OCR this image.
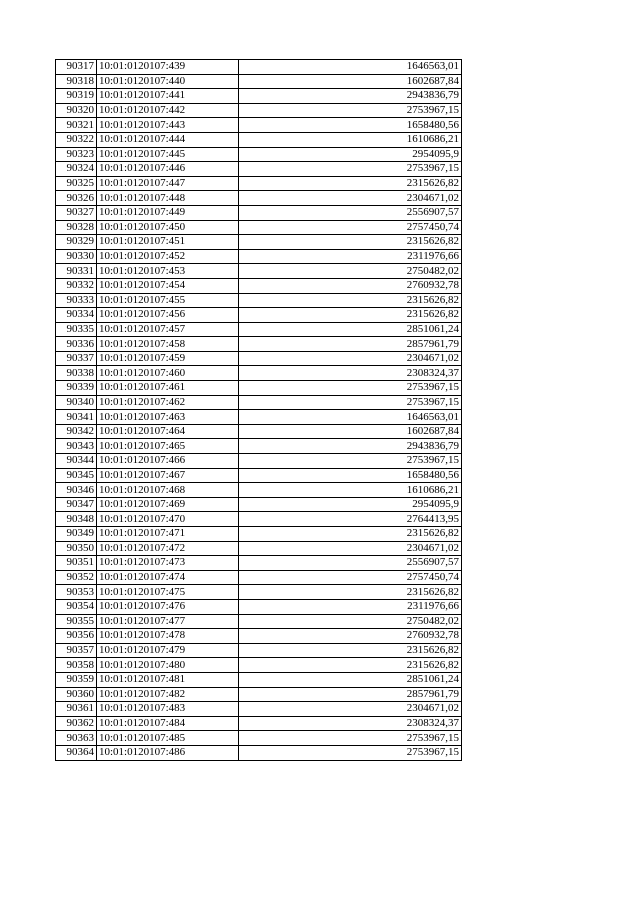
90317	10:01:0120107:439	1646563,01
90318	10:01:0120107:440	1602687,84
90319	10:01:0120107:441	2943836,79
90320	10:01:0120107:442	2753967,15
90321	10:01:0120107:443	1658480,56
90322	10:01:0120107:444	1610686,21
90323	10:01:0120107:445	2954095,9
90324	10:01:0120107:446	2753967,15
90325	10:01:0120107:447	2315626,82
90326	10:01:0120107:448	2304671,02
90327	10:01:0120107:449	2556907,57
90328	10:01:0120107:450	2757450,74
90329	10:01:0120107:451	2315626,82
90330	10:01:0120107:452	2311976,66
90331	10:01:0120107:453	2750482,02
90332	10:01:0120107:454	2760932,78
90333	10:01:0120107:455	2315626,82
90334	10:01:0120107:456	2315626,82
90335	10:01:0120107:457	2851061,24
90336	10:01:0120107:458	2857961,79
90337	10:01:0120107:459	2304671,02
90338	10:01:0120107:460	2308324,37
90339	10:01:0120107:461	2753967,15
90340	10:01:0120107:462	2753967,15
90341	10:01:0120107:463	1646563,01
90342	10:01:0120107:464	1602687,84
90343	10:01:0120107:465	2943836,79
90344	10:01:0120107:466	2753967,15
90345	10:01:0120107:467	1658480,56
90346	10:01:0120107:468	1610686,21
90347	10:01:0120107:469	2954095,9
90348	10:01:0120107:470	2764413,95
90349	10:01:0120107:471	2315626,82
90350	10:01:0120107:472	2304671,02
90351	10:01:0120107:473	2556907,57
90352	10:01:0120107:474	2757450,74
90353	10:01:0120107:475	2315626,82
90354	10:01:0120107:476	2311976,66
90355	10:01:0120107:477	2750482,02
90356	10:01:0120107:478	2760932,78
90357	10:01:0120107:479	2315626,82
90358	10:01:0120107:480	2315626,82
90359	10:01:0120107:481	2851061,24
90360	10:01:0120107:482	2857961,79
90361	10:01:0120107:483	2304671,02
90362	10:01:0120107:484	2308324,37
90363	10:01:0120107:485	2753967,15
90364	10:01:0120107:486	2753967,15
